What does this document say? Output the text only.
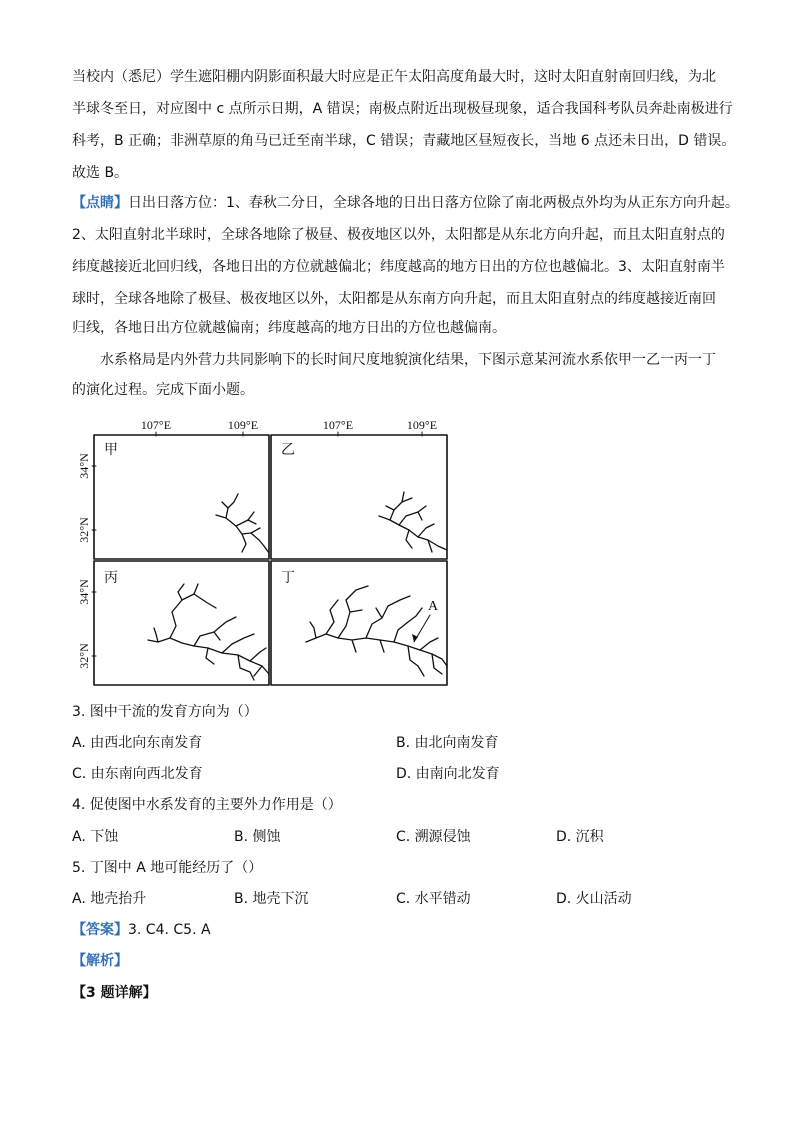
当校内（悉尼）学生遮阳棚内阴影面积最大时应是正午太阳高度角最大时，这时太阳直射南回归线，为北
半球冬至日，对应图中 c 点所示日期，A 错误；南极点附近出现极昼现象，适合我国科考队员奔赴南极进行
科考，B 正确；非洲草原的角马已迁至南半球，C 错误；青藏地区昼短夜长，当地 6 点还未日出，D 错误。
故选 B。
【点睛】日出日落方位：1、春秋二分日，全球各地的日出日落方位除了南北两极点外均为从正东方向升起。
2、太阳直射北半球时，全球各地除了极昼、极夜地区以外，太阳都是从东北方向升起，而且太阳直射点的
纬度越接近北回归线，各地日出的方位就越偏北；纬度越高的地方日出的方位也越偏北。3、太阳直射南半
球时，全球各地除了极昼、极夜地区以外，太阳都是从东南方向升起，而且太阳直射点的纬度越接近南回
归线，各地日出方位就越偏南；纬度越高的地方日出的方位也越偏南。
水系格局是内外营力共同影响下的长时间尺度地貌演化结果，下图示意某河流水系依甲一乙一丙一丁
的演化过程。完成下面小题。
107°E	109°E	107°E	109°E
34°N
32°N
34°N
32°N
甲	乙
丙	丁
A
3. 图中干流的发育方向为（）
A. 由西北向东南发育	B. 由北向南发育
C. 由东南向西北发育	D. 由南向北发育
4. 促使图中水系发育的主要外力作用是（）
A. 下蚀	B. 侧蚀	C. 溯源侵蚀	D. 沉积
5. 丁图中 A 地可能经历了（）
A. 地壳抬升	B. 地壳下沉	C. 水平错动	D. 火山活动
【答案】3. C4. C5. A
【解析】
【3 题详解】
